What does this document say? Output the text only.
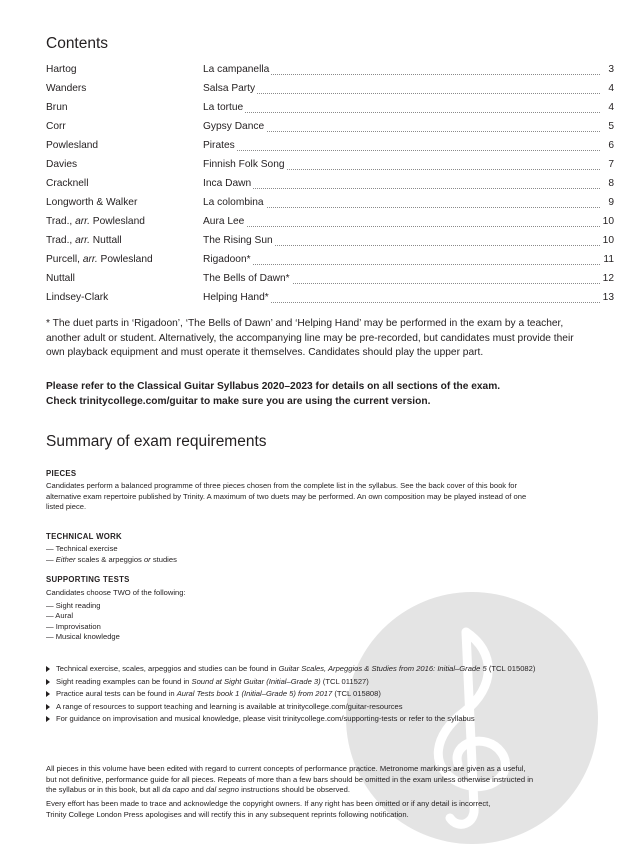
Contents
Hartog	La campanella	3
Wanders	Salsa Party	4
Brun	La tortue	4
Corr	Gypsy Dance	5
Powlesland	Pirates	6
Davies	Finnish Folk Song	7
Cracknell	Inca Dawn	8
Longworth & Walker	La colombina	9
Trad., arr. Powlesland	Aura Lee	10
Trad., arr. Nuttall	The Rising Sun	10
Purcell, arr. Powlesland	Rigadoon*	11
Nuttall	The Bells of Dawn*	12
Lindsey-Clark	Helping Hand*	13
* The duet parts in ‘Rigadoon’, ‘The Bells of Dawn’ and ‘Helping Hand’ may be performed in the exam by a teacher,
another adult or student. Alternatively, the accompanying line may be pre-recorded, but candidates must provide their
own playback equipment and must operate it themselves. Candidates should play the upper part.
Please refer to the Classical Guitar Syllabus 2020–2023 for details on all sections of the exam.
Check trinitycollege.com/guitar to make sure you are using the current version.
Summary of exam requirements
PIECES
Candidates perform a balanced programme of three pieces chosen from the complete list in the syllabus. See the back cover of this book for
alternative exam repertoire published by Trinity. A maximum of two duets may be performed. An own composition may be played instead of one
listed piece.
TECHNICAL WORK
— Technical exercise
— Either scales & arpeggios or studies
SUPPORTING TESTS
Candidates choose TWO of the following:
— Sight reading
— Aural
— Improvisation
— Musical knowledge
Technical exercise, scales, arpeggios and studies can be found in Guitar Scales, Arpeggios & Studies from 2016: Initial–Grade 5 (TCL 015082)
Sight reading examples can be found in Sound at Sight Guitar (Initial–Grade 3) (TCL 011527)
Practice aural tests can be found in Aural Tests book 1 (Initial–Grade 5) from 2017 (TCL 015808)
A range of resources to support teaching and learning is available at trinitycollege.com/guitar-resources
For guidance on improvisation and musical knowledge, please visit trinitycollege.com/supporting-tests or refer to the syllabus
All pieces in this volume have been edited with regard to current concepts of performance practice. Metronome markings are given as a useful,
but not definitive, performance guide for all pieces. Repeats of more than a few bars should be omitted in the exam unless otherwise instructed in
the syllabus or in this book, but all da capo and dal segno instructions should be observed.
Every effort has been made to trace and acknowledge the copyright owners. If any right has been omitted or if any detail is incorrect,
Trinity College London Press apologises and will rectify this in any subsequent reprints following notification.
